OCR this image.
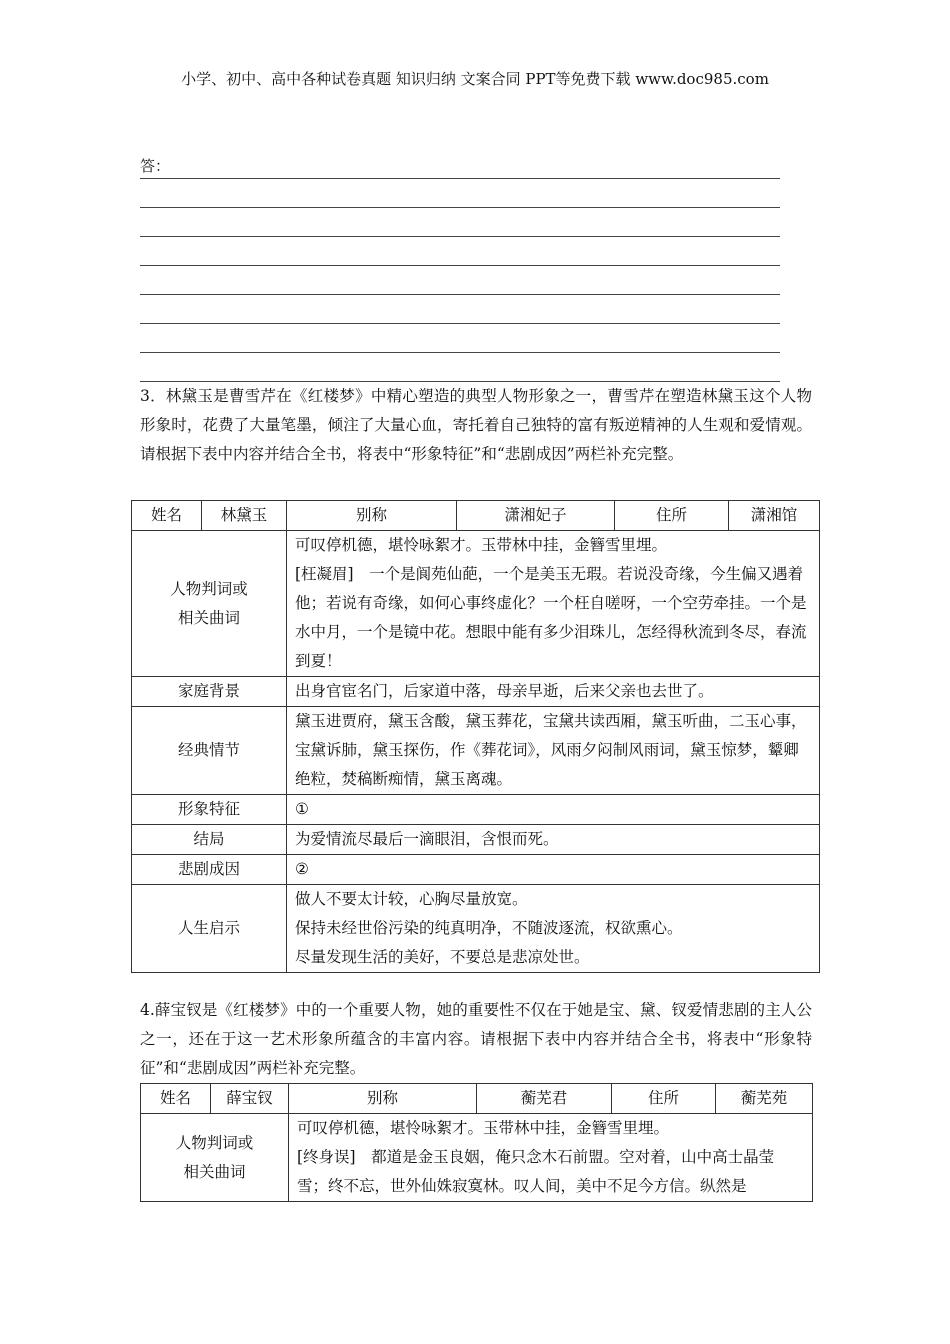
小学、初中、高中各种试卷真题 知识归纳 文案合同 PPT等免费下载 www.doc985.com
答：
3．林黛玉是曹雪芹在《红楼梦》中精心塑造的典型人物形象之一，曹雪芹在塑造林黛玉这个人物形象时，花费了大量笔墨，倾注了大量心血，寄托着自己独特的富有叛逆精神的人生观和爱情观。请根据下表中内容并结合全书，将表中“形象特征”和“悲剧成因”两栏补充完整。
姓名	林黛玉	别称	潇湘妃子	住所	潇湘馆

人物判词或
相关曲词		可叹停机德，堪怜咏絮才。玉带林中挂，金簪雪里埋。
[枉凝眉]　一个是阆苑仙葩，一个是美玉无瑕。若说没奇缘，今生偏又遇着他；若说有奇缘，如何心事终虚化？一个枉自嗟呀，一个空劳牵挂。一个是水中月，一个是镜中花。想眼中能有多少泪珠儿，怎经得秋流到冬尽，春流到夏！			

家庭背景		出身官宦名门，后家道中落，母亲早逝，后来父亲也去世了。			
经典情节		黛玉进贾府，黛玉含酸，黛玉葬花，宝黛共读西厢，黛玉听曲，二玉心事，宝黛诉肺，黛玉探伤，作《葬花词》，风雨夕闷制风雨词，黛玉惊梦，颦卿绝粒，焚稿断痴情，黛玉离魂。			
形象特征		①			
结局		为爱情流尽最后一滴眼泪，含恨而死。			
悲剧成因		②			
人生启示		做人不要太计较，心胸尽量放宽。
保持未经世俗污染的纯真明净，不随波逐流，权欲熏心。
尽量发现生活的美好，不要总是悲凉处世。			
4.薛宝钗是《红楼梦》中的一个重要人物，她的重要性不仅在于她是宝、黛、钗爱情悲剧的主人公之一，还在于这一艺术形象所蕴含的丰富内容。请根据下表中内容并结合全书，将表中“形象特征”和“悲剧成因”两栏补充完整。
姓名	薛宝钗	别称	蘅芜君	住所	蘅芜苑

人物判词或
相关曲词		可叹停机德，堪怜咏絮才。玉带林中挂，金簪雪里埋。
[终身误]　都道是金玉良姻，俺只念木石前盟。空对着，山中高士晶莹雪；终不忘，世外仙姝寂寞林。叹人间，美中不足今方信。纵然是			
